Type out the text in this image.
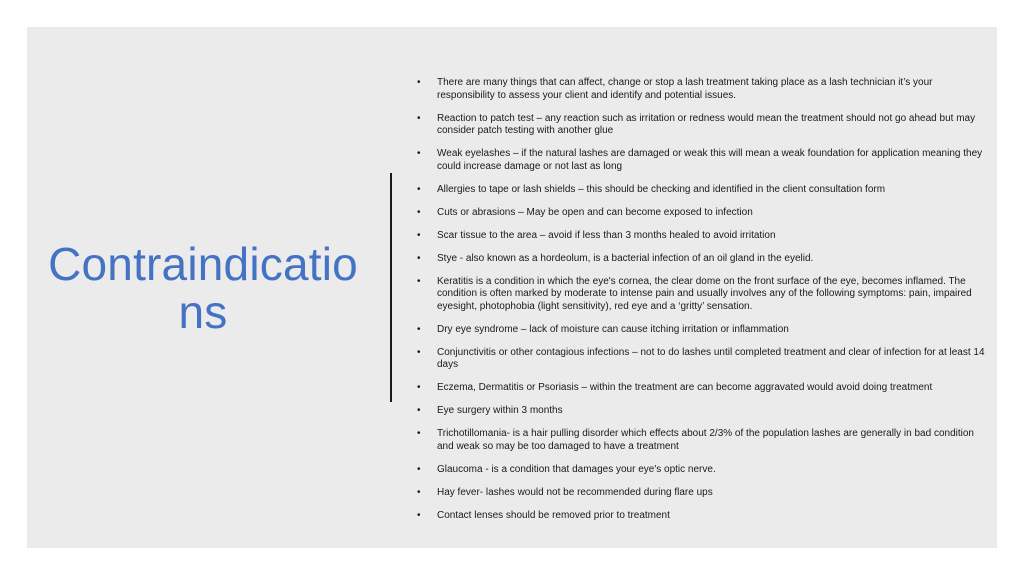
Contraindications
• There are many things that can affect, change or stop a lash treatment taking place as a lash technician it’s your responsibility to assess your client and identify and potential issues.
• Reaction to patch test – any reaction such as irritation or redness would mean the treatment should not go ahead but may consider patch testing with another glue
• Weak eyelashes – if the natural lashes are damaged or weak this will mean a weak foundation for application meaning they could increase damage or not last as long
• Allergies to tape or lash shields – this should be checking and identified in the client consultation form
• Cuts or abrasions – May be open and can become exposed to infection
• Scar tissue to the area – avoid if less than 3 months healed to avoid irritation
• Stye - also known as a hordeolum, is a bacterial infection of an oil gland in the eyelid.
• Keratitis is a condition in which the eye's cornea, the clear dome on the front surface of the eye, becomes inflamed. The condition is often marked by moderate to intense pain and usually involves any of the following symptoms: pain, impaired eyesight, photophobia (light sensitivity), red eye and a ‘gritty’ sensation.
• Dry eye syndrome – lack of moisture can cause itching irritation or inflammation
• Conjunctivitis or other contagious infections – not to do lashes until completed treatment and clear of infection for at least 14 days
• Eczema, Dermatitis or Psoriasis – within the treatment are can become aggravated would avoid doing treatment
• Eye surgery within 3 months
• Trichotillomania- is a hair pulling disorder which effects about 2/3% of the population lashes are generally in bad condition and weak so may be too damaged to have a treatment
• Glaucoma - is a condition that damages your eye's optic nerve.
• Hay fever- lashes would not be recommended during flare ups
• Contact lenses should be removed prior to treatment
